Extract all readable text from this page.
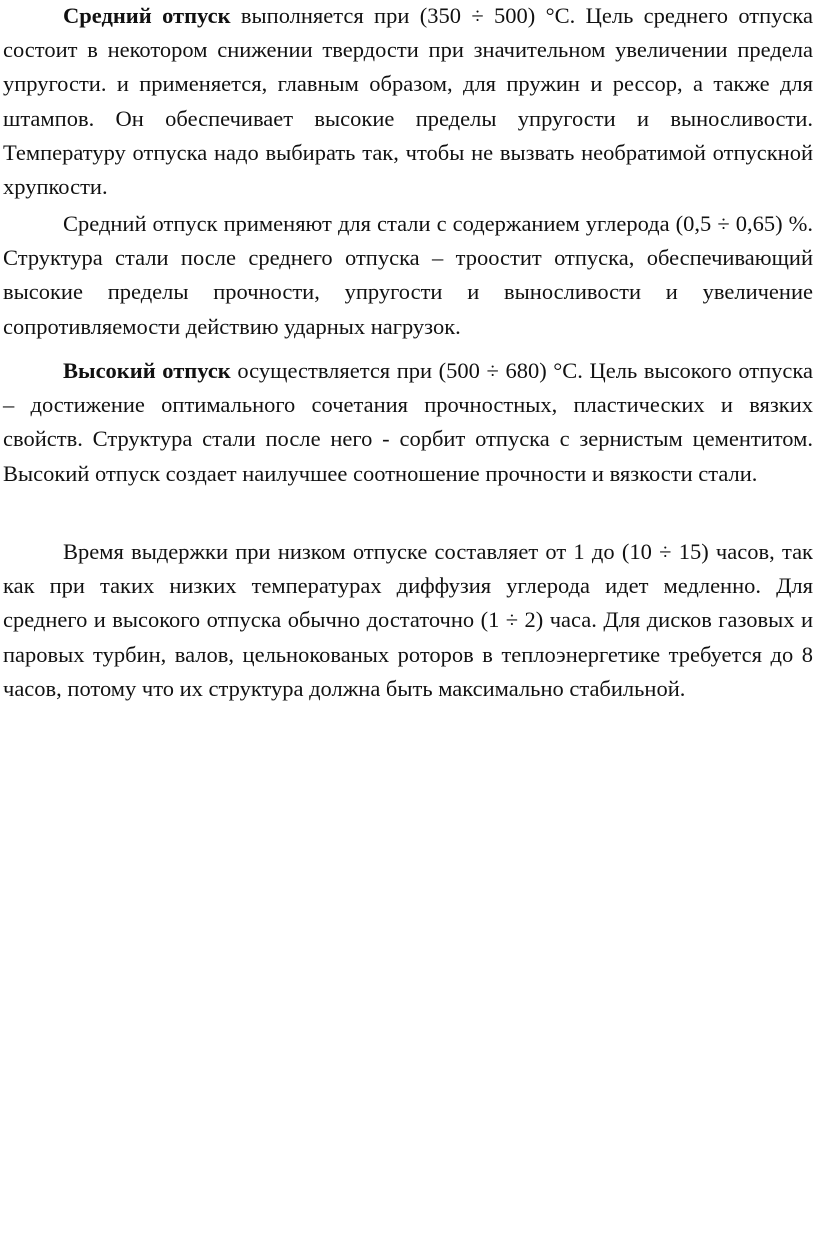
Средний отпуск выполняется при (350 ÷ 500) °С. Цель среднего отпуска состоит в некотором снижении твердости при значительном увеличении предела упругости. и применяется, главным образом, для пружин и рессор, а также для штампов. Он обеспечивает высокие пределы упругости и выносливости. Температуру отпуска надо выбирать так, чтобы не вызвать необратимой отпускной хрупкости.

Средний отпуск применяют для стали с содержанием углерода (0,5 ÷ 0,65) %. Структура стали после среднего отпуска – троостит отпуска, обеспечивающий высокие пределы прочности, упругости и выносливости и увеличение сопротивляемости действию ударных нагрузок.

Высокий отпуск осуществляется при (500 ÷ 680) °С. Цель высокого отпуска – достижение оптимального сочетания прочностных, пластических и вязких свойств. Структура стали после него - сорбит отпуска с зернистым цементитом. Высокий отпуск создает наилучшее соотношение прочности и вязкости стали.

Время выдержки при низком отпуске составляет от 1 до (10 ÷ 15) часов, так как при таких низких температурах диффузия углерода идет медленно. Для среднего и высокого отпуска обычно достаточно (1 ÷ 2) часа. Для дисков газовых и паровых турбин, валов, цельнокованых роторов в теплоэнергетике требуется до 8 часов, потому что их структура должна быть максимально стабильной.
